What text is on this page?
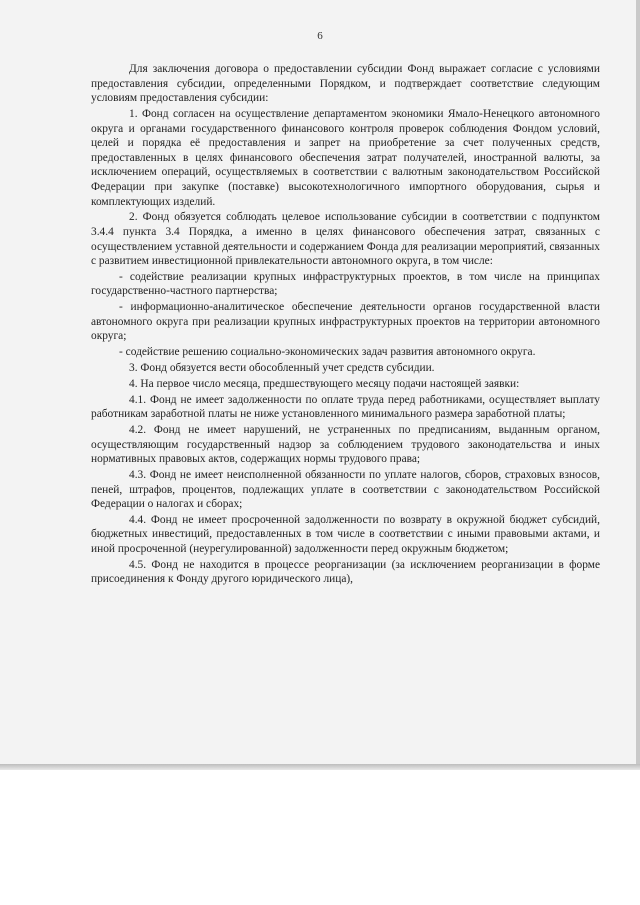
6

Для заключения договора о предоставлении субсидии Фонд выражает согласие с условиями предоставления субсидии, определенными Порядком, и подтверждает соответствие следующим условиям предоставления субсидии:

1. Фонд согласен на осуществление департаментом экономики Ямало-Ненецкого автономного округа и органами государственного финансового контроля проверок соблюдения Фондом условий, целей и порядка её предоставления и запрет на приобретение за счет полученных средств, предоставленных в целях финансового обеспечения затрат получателей, иностранной валюты, за исключением операций, осуществляемых в соответствии с валютным законодательством Российской Федерации при закупке (поставке) высокотехнологичного импортного оборудования, сырья и комплектующих изделий.

2. Фонд обязуется соблюдать целевое использование субсидии в соответствии с подпунктом 3.4.4 пункта 3.4 Порядка, а именно в целях финансового обеспечения затрат, связанных с осуществлением уставной деятельности и содержанием Фонда для реализации мероприятий, связанных с развитием инвестиционной привлекательности автономного округа, в том числе:

- содействие реализации крупных инфраструктурных проектов, в том числе на принципах государственно-частного партнерства;

- информационно-аналитическое обеспечение деятельности органов государственной власти автономного округа при реализации крупных инфраструктурных проектов на территории автономного округа;

- содействие решению социально-экономических задач развития автономного округа.

3. Фонд обязуется вести обособленный учет средств субсидии.

4. На первое число месяца, предшествующего месяцу подачи настоящей заявки:

4.1. Фонд не имеет задолженности по оплате труда перед работниками, осуществляет выплату работникам заработной платы не ниже установленного минимального размера заработной платы;

4.2. Фонд не имеет нарушений, не устраненных по предписаниям, выданным органом, осуществляющим государственный надзор за соблюдением трудового законодательства и иных нормативных правовых актов, содержащих нормы трудового права;

4.3. Фонд не имеет неисполненной обязанности по уплате налогов, сборов, страховых взносов, пеней, штрафов, процентов, подлежащих уплате в соответствии с законодательством Российской Федерации о налогах и сборах;

4.4. Фонд не имеет просроченной задолженности по возврату в окружной бюджет субсидий, бюджетных инвестиций, предоставленных в том числе в соответствии с иными правовыми актами, и иной просроченной (неурегулированной) задолженности перед окружным бюджетом;

4.5. Фонд не находится в процессе реорганизации (за исключением реорганизации в форме присоединения к Фонду другого юридического лица),
